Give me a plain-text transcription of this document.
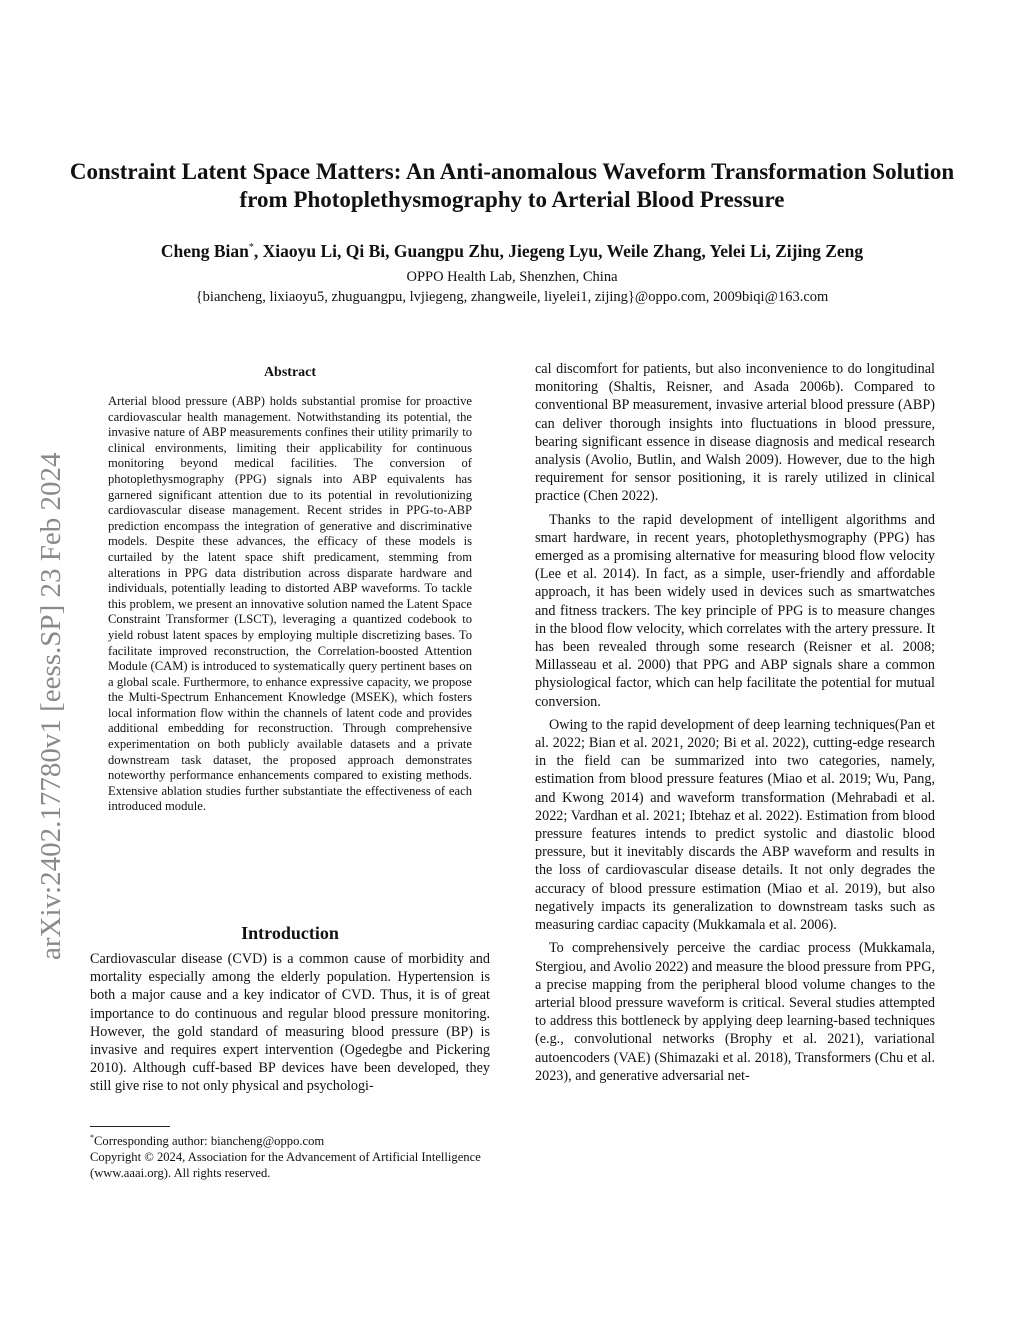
Constraint Latent Space Matters: An Anti-anomalous Waveform Transformation Solution from Photoplethysmography to Arterial Blood Pressure

Cheng Bian*, Xiaoyu Li, Qi Bi, Guangpu Zhu, Jiegeng Lyu, Weile Zhang, Yelei Li, Zijing Zeng

OPPO Health Lab, Shenzhen, China
{biancheng, lixiaoyu5, zhuguangpu, lvjiegeng, zhangweile, liyelei1, zijing}@oppo.com, 2009biqi@163.com
arXiv:2402.17780v1 [eess.SP] 23 Feb 2024
Abstract

Arterial blood pressure (ABP) holds substantial promise for proactive cardiovascular health management. Notwithstanding its potential, the invasive nature of ABP measurements confines their utility primarily to clinical environments, limiting their applicability for continuous monitoring beyond medical facilities. The conversion of photoplethysmography (PPG) signals into ABP equivalents has garnered significant attention due to its potential in revolutionizing cardiovascular disease management. Recent strides in PPG-to-ABP prediction encompass the integration of generative and discriminative models. Despite these advances, the efficacy of these models is curtailed by the latent space shift predicament, stemming from alterations in PPG data distribution across disparate hardware and individuals, potentially leading to distorted ABP waveforms. To tackle this problem, we present an innovative solution named the Latent Space Constraint Transformer (LSCT), leveraging a quantized codebook to yield robust latent spaces by employing multiple discretizing bases. To facilitate improved reconstruction, the Correlation-boosted Attention Module (CAM) is introduced to systematically query pertinent bases on a global scale. Furthermore, to enhance expressive capacity, we propose the Multi-Spectrum Enhancement Knowledge (MSEK), which fosters local information flow within the channels of latent code and provides additional embedding for reconstruction. Through comprehensive experimentation on both publicly available datasets and a private downstream task dataset, the proposed approach demonstrates noteworthy performance enhancements compared to existing methods. Extensive ablation studies further substantiate the effectiveness of each introduced module.

Introduction

Cardiovascular disease (CVD) is a common cause of morbidity and mortality especially among the elderly population. Hypertension is both a major cause and a key indicator of CVD. Thus, it is of great importance to do continuous and regular blood pressure monitoring. However, the gold standard of measuring blood pressure (BP) is invasive and requires expert intervention (Ogedegbe and Pickering 2010). Although cuff-based BP devices have been developed, they still give rise to not only physical and psychologi-

*Corresponding author: biancheng@oppo.com
Copyright © 2024, Association for the Advancement of Artificial Intelligence (www.aaai.org). All rights reserved.

cal discomfort for patients, but also inconvenience to do longitudinal monitoring (Shaltis, Reisner, and Asada 2006b). Compared to conventional BP measurement, invasive arterial blood pressure (ABP) can deliver thorough insights into fluctuations in blood pressure, bearing significant essence in disease diagnosis and medical research analysis (Avolio, Butlin, and Walsh 2009). However, due to the high requirement for sensor positioning, it is rarely utilized in clinical practice (Chen 2022).

Thanks to the rapid development of intelligent algorithms and smart hardware, in recent years, photoplethysmography (PPG) has emerged as a promising alternative for measuring blood flow velocity (Lee et al. 2014). In fact, as a simple, user-friendly and affordable approach, it has been widely used in devices such as smartwatches and fitness trackers. The key principle of PPG is to measure changes in the blood flow velocity, which correlates with the artery pressure. It has been revealed through some research (Reisner et al. 2008; Millasseau et al. 2000) that PPG and ABP signals share a common physiological factor, which can help facilitate the potential for mutual conversion.

Owing to the rapid development of deep learning techniques(Pan et al. 2022; Bian et al. 2021, 2020; Bi et al. 2022), cutting-edge research in the field can be summarized into two categories, namely, estimation from blood pressure features (Miao et al. 2019; Wu, Pang, and Kwong 2014) and waveform transformation (Mehrabadi et al. 2022; Vardhan et al. 2021; Ibtehaz et al. 2022). Estimation from blood pressure features intends to predict systolic and diastolic blood pressure, but it inevitably discards the ABP waveform and results in the loss of cardiovascular disease details. It not only degrades the accuracy of blood pressure estimation (Miao et al. 2019), but also negatively impacts its generalization to downstream tasks such as measuring cardiac capacity (Mukkamala et al. 2006).

To comprehensively perceive the cardiac process (Mukkamala, Stergiou, and Avolio 2022) and measure the blood pressure from PPG, a precise mapping from the peripheral blood volume changes to the arterial blood pressure waveform is critical. Several studies attempted to address this bottleneck by applying deep learning-based techniques (e.g., convolutional networks (Brophy et al. 2021), variational autoencoders (VAE) (Shimazaki et al. 2018), Transformers (Chu et al. 2023), and generative adversarial net-
